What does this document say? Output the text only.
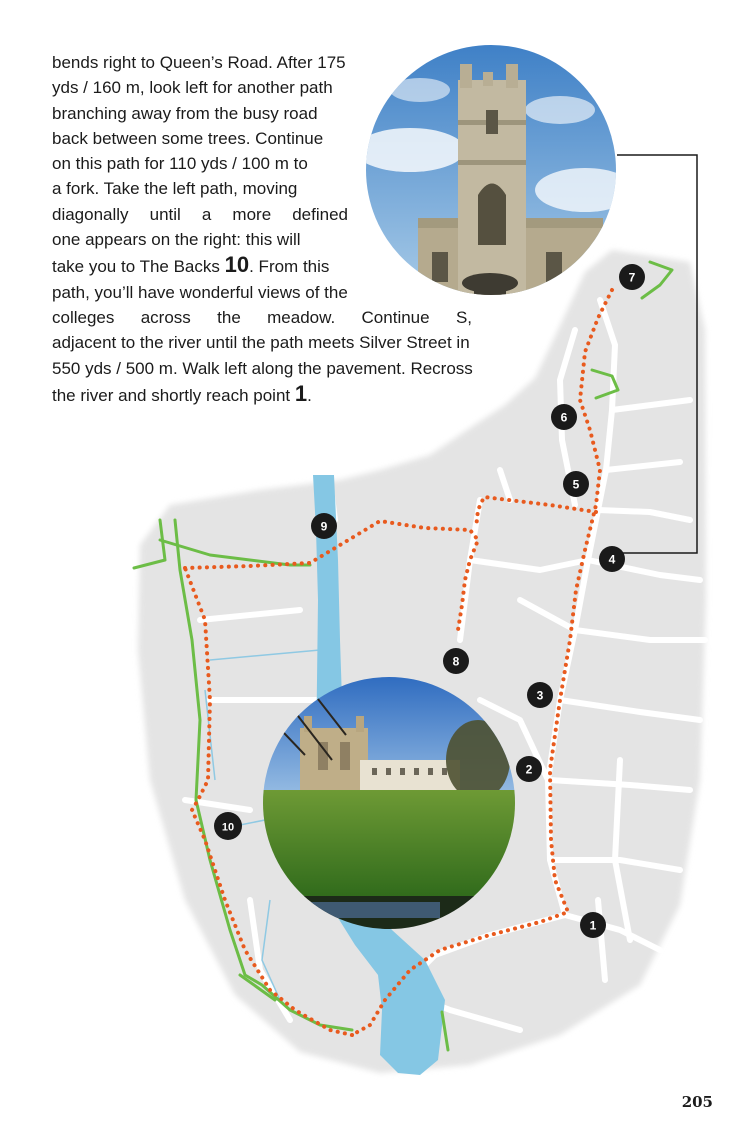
1
2
3
4
5
6
7
8
9
10
bends right to Queen’s Road. After 175
yds / 160 m, look left for another path
branching away from the busy road
back between some trees. Continue
on this path for 110 yds / 100 m to
a fork. Take the left path, moving
diagonally until a more defined
one appears on the right: this will
take you to The Backs 10. From this
path, you’ll have wonderful views of the
colleges across the meadow. Continue S,
adjacent to the river until the path meets Silver Street in
550 yds / 500 m. Walk left along the pavement. Recross
the river and shortly reach point 1.
205
